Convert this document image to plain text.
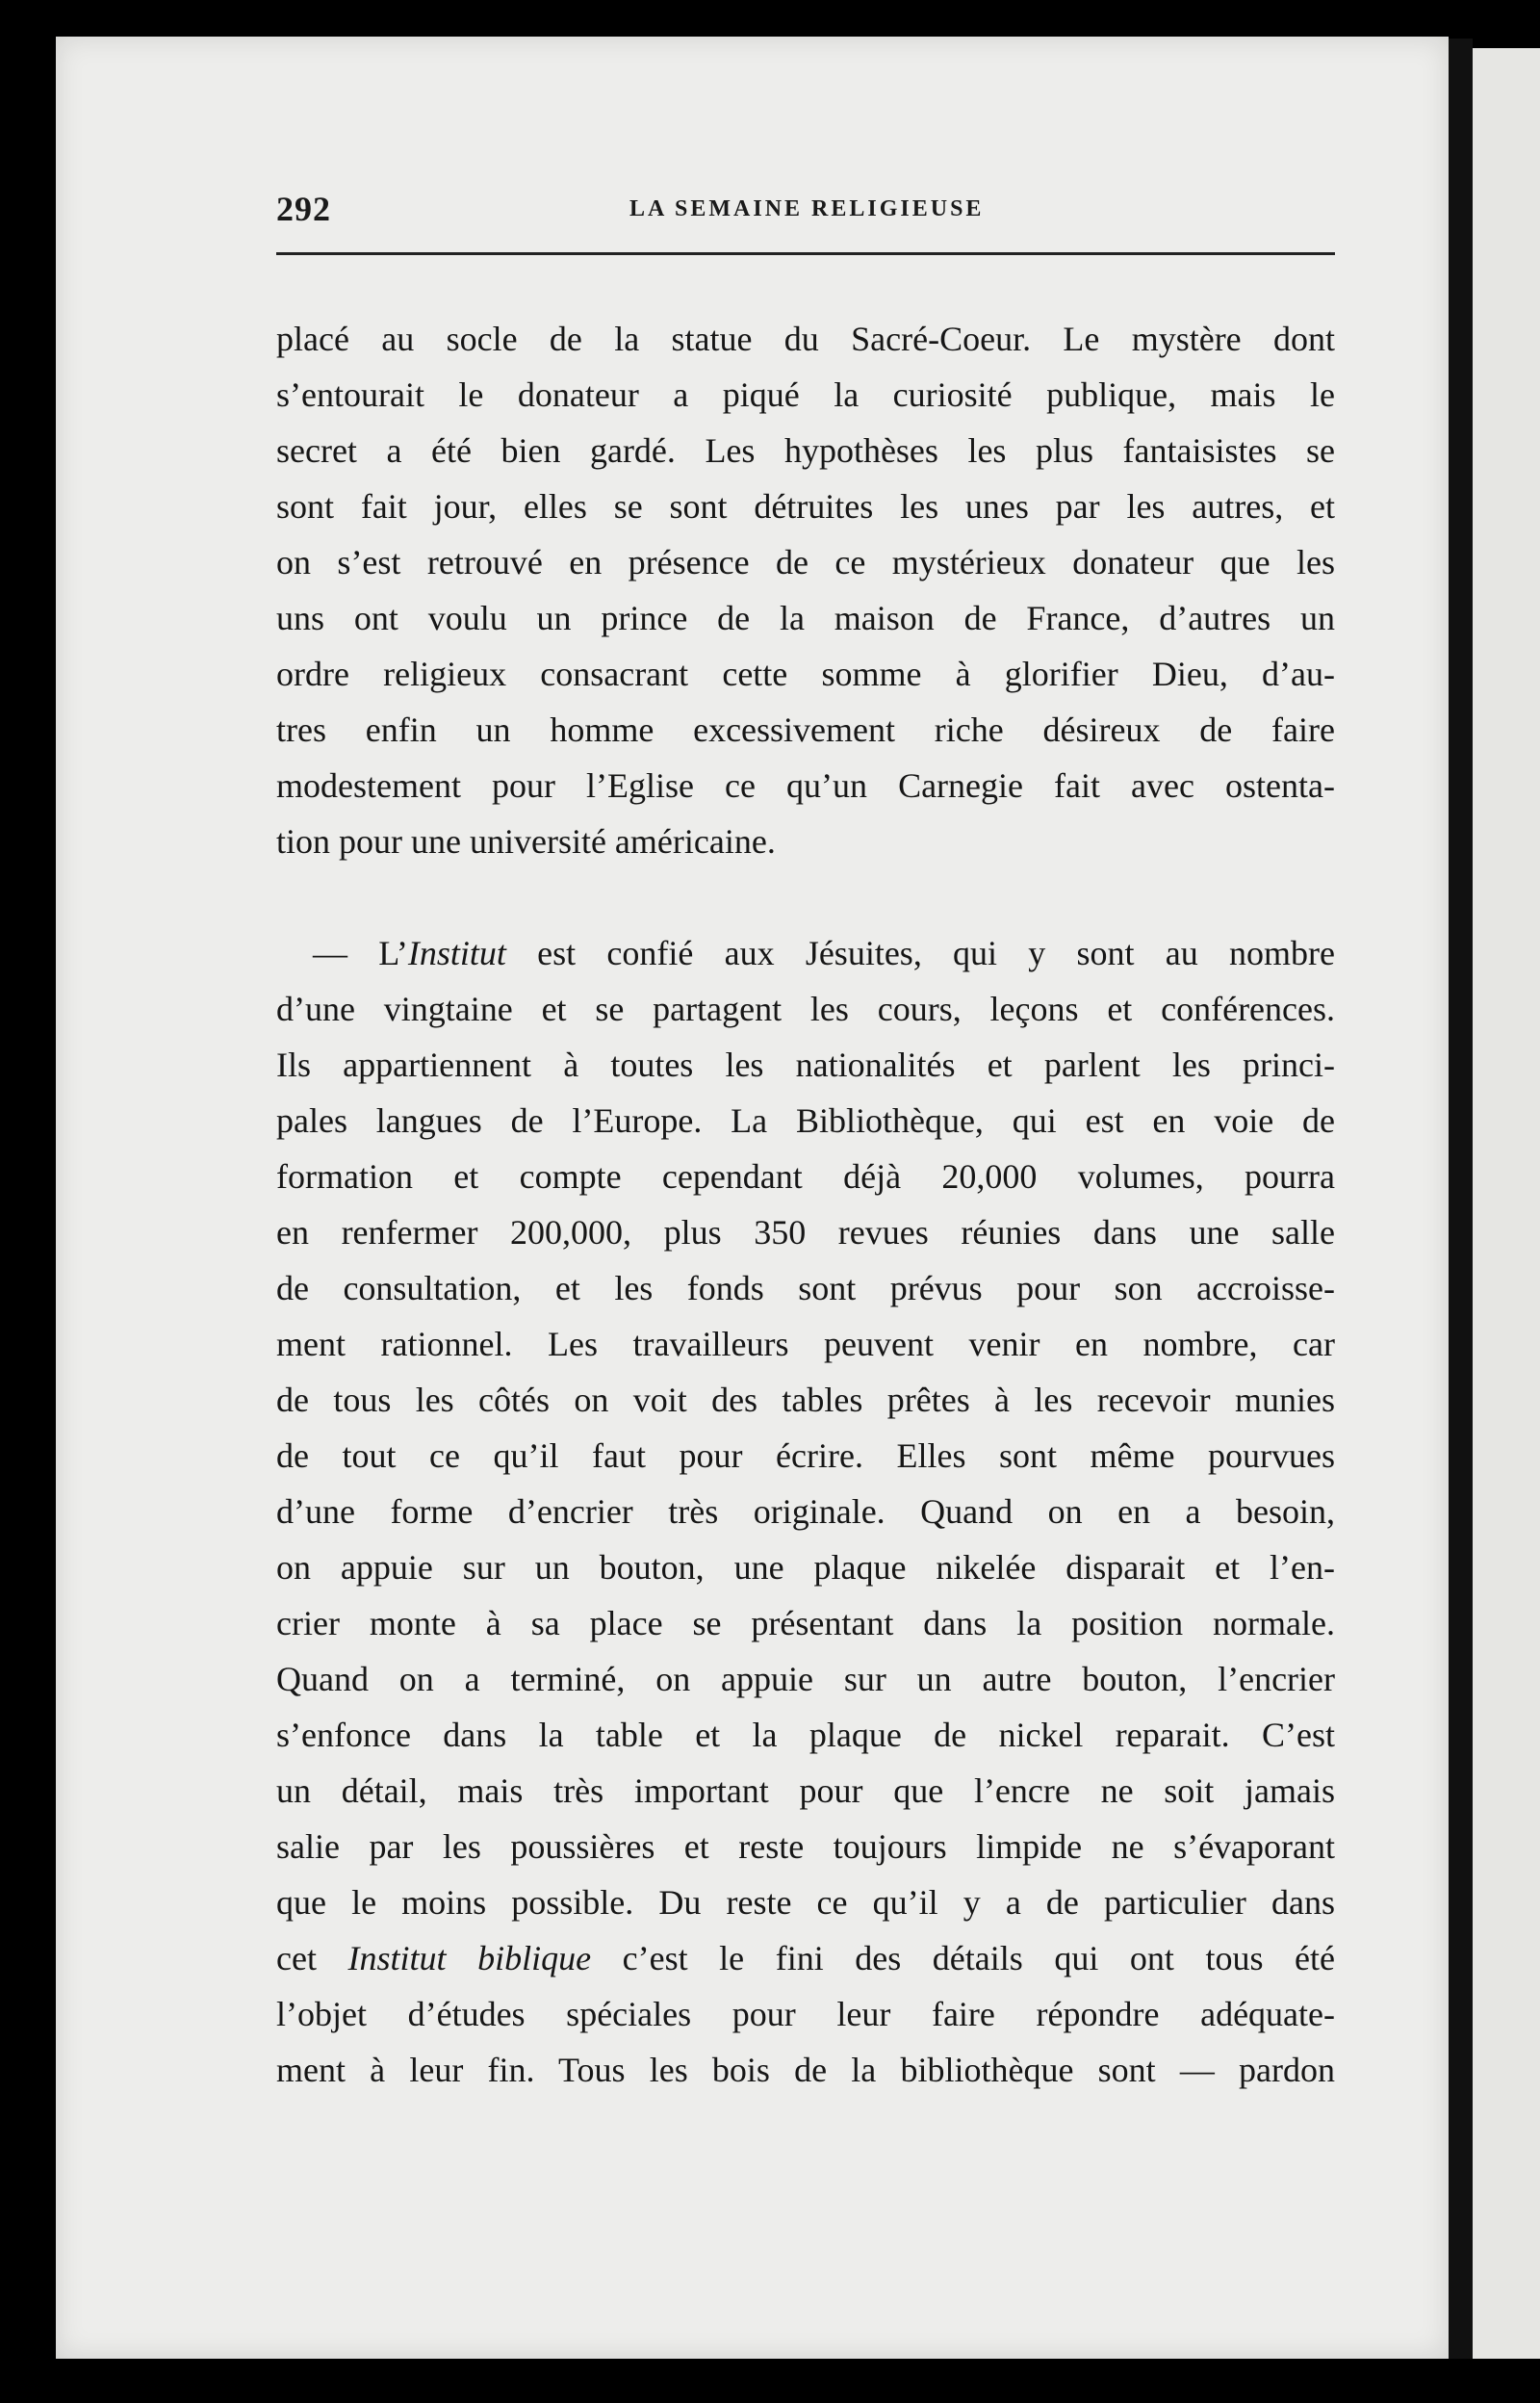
292	LA SEMAINE RELIGIEUSE
placé au socle de la statue du Sacré-Coeur. Le mystère dont
s’entourait le donateur a piqué la curiosité publique, mais le
secret a été bien gardé. Les hypothèses les plus fantaisistes se
sont fait jour, elles se sont détruites les unes par les autres, et
on s’est retrouvé en présence de ce mystérieux donateur que les
uns ont voulu un prince de la maison de France, d’autres un
ordre religieux consacrant cette somme à glorifier Dieu, d’au-
tres enfin un homme excessivement riche désireux de faire
modestement pour l’Eglise ce qu’un Carnegie fait avec ostenta-
tion pour une université américaine.
— L’Institut est confié aux Jésuites, qui y sont au nombre
d’une vingtaine et se partagent les cours, leçons et conférences.
Ils appartiennent à toutes les nationalités et parlent les princi-
pales langues de l’Europe. La Bibliothèque, qui est en voie de
formation et compte cependant déjà 20,000 volumes, pourra
en renfermer 200,000, plus 350 revues réunies dans une salle
de consultation, et les fonds sont prévus pour son accroisse-
ment rationnel. Les travailleurs peuvent venir en nombre, car
de tous les côtés on voit des tables prêtes à les recevoir munies
de tout ce qu’il faut pour écrire. Elles sont même pourvues
d’une forme d’encrier très originale. Quand on en a besoin,
on appuie sur un bouton, une plaque nikelée disparait et l’en-
crier monte à sa place se présentant dans la position normale.
Quand on a terminé, on appuie sur un autre bouton, l’encrier
s’enfonce dans la table et la plaque de nickel reparait. C’est
un détail, mais très important pour que l’encre ne soit jamais
salie par les poussières et reste toujours limpide ne s’évaporant
que le moins possible. Du reste ce qu’il y a de particulier dans
cet Institut biblique c’est le fini des détails qui ont tous été
l’objet d’études spéciales pour leur faire répondre adéquate-
ment à leur fin. Tous les bois de la bibliothèque sont — pardon
